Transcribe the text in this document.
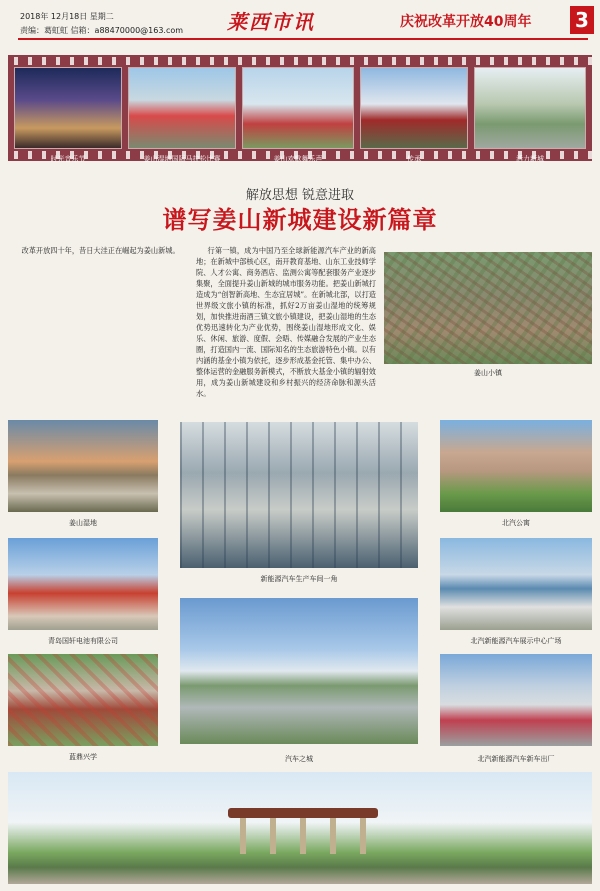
2018年 12月18日 星期二
责编：葛虹虹 信箱：a88470000@163.com 莱西市讯	庆祝改革开放40周年 3
时光音乐节	姜山湿地国际马拉松比赛	姜山欢歌舞乐声	传承	活力新城
解放思想 锐意进取
谱写姜山新城建设新篇章

改革开放四十年，昔日大洼正在崛起为姜山新城。	行第一镇，成为中国乃至全球新能源汽车产业的新高地；在新城中部核心区，南开教育基地、山东工业技师学院、人才公寓、商务酒店、监测公寓等配套服务产业逐步集聚，全面提升姜山新城的城市服务功能。把姜山新城打造成为“创智新高地、生态宜居城”。在新城北部，以打造世界级文旅小镇的标准，抓好2万亩姜山湿地的统筹规划，加快推进南酒三镇文旅小镇建设，把姜山湿地的生态优势迅速转化为产业优势，围绕姜山湿地形成文化、娱乐、休闲、旅游、度假、会晤、传媒融合发展的产业生态圈，打造国内一流、国际知名的生态旅游特色小镇。以有内涵的基金小镇为依托，逐步形成基金托管、集中办公、整体运营的金融服务新模式，不断放大基金小镇的辐射效用，成为姜山新城建设和乡村振兴的经济命脉和源头活水。

姜山小镇
姜山湿地
新能源汽车生产车间一角
北汽公寓
青岛国轩电池有限公司	北汽新能源汽车展示中心广场
蓝鼎兴学	汽车之城	北汽新能源汽车新车出厂
